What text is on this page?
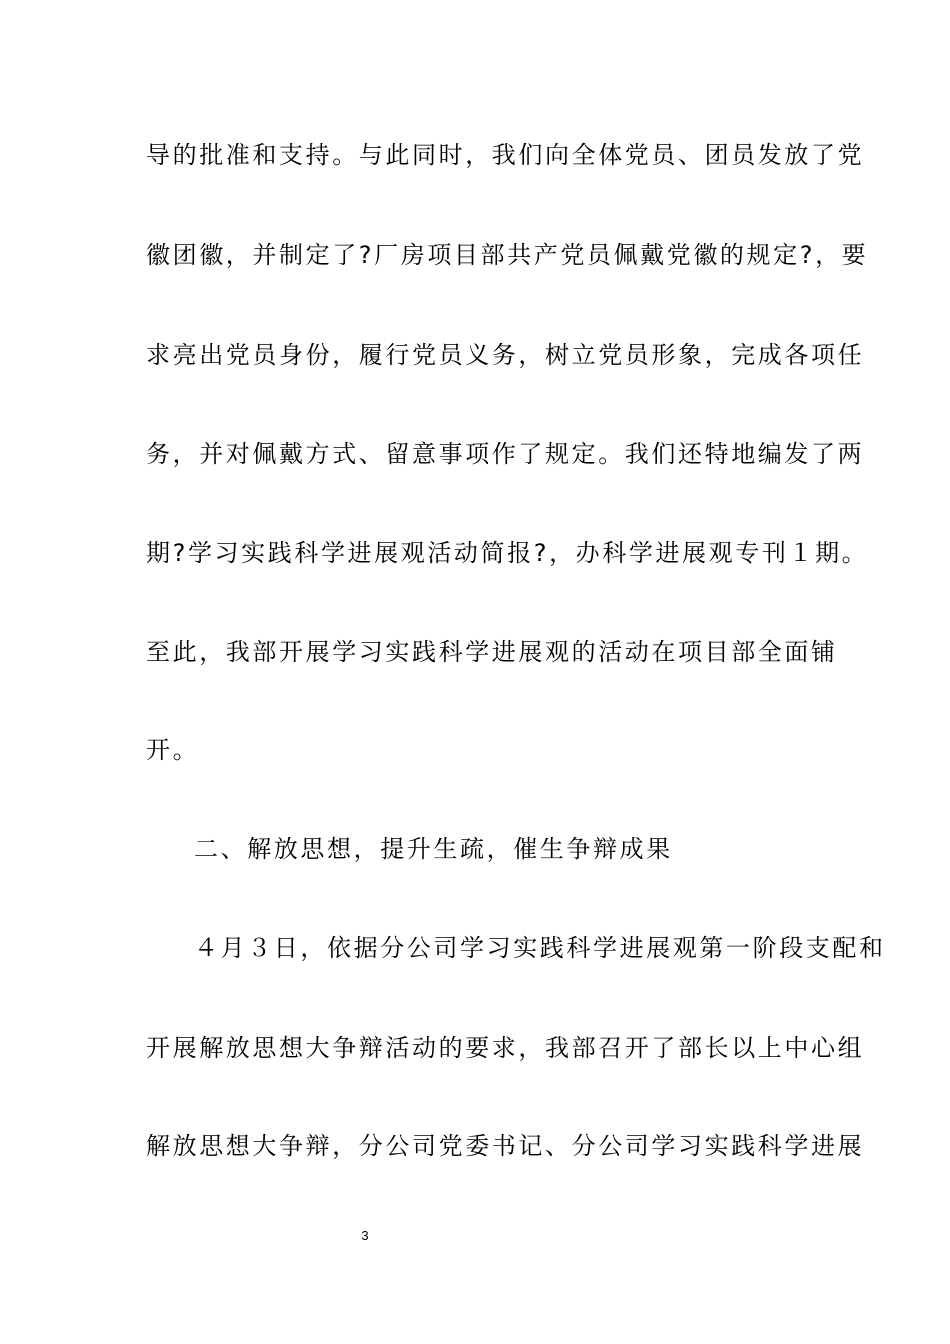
导的批准和支持。与此同时，我们向全体党员、团员发放了党
徽团徽，并制定了?厂房项目部共产党员佩戴党徽的规定?，要
求亮出党员身份，履行党员义务，树立党员形象，完成各项任
务，并对佩戴方式、留意事项作了规定。我们还特地编发了两
期?学习实践科学进展观活动简报?，办科学进展观专刊１期。
至此，我部开展学习实践科学进展观的活动在项目部全面铺
开。
二、解放思想，提升生疏，催生争辩成果
４月３日，依据分公司学习实践科学进展观第一阶段支配和
开展解放思想大争辩活动的要求，我部召开了部长以上中心组
解放思想大争辩，分公司党委书记、分公司学习实践科学进展
3
